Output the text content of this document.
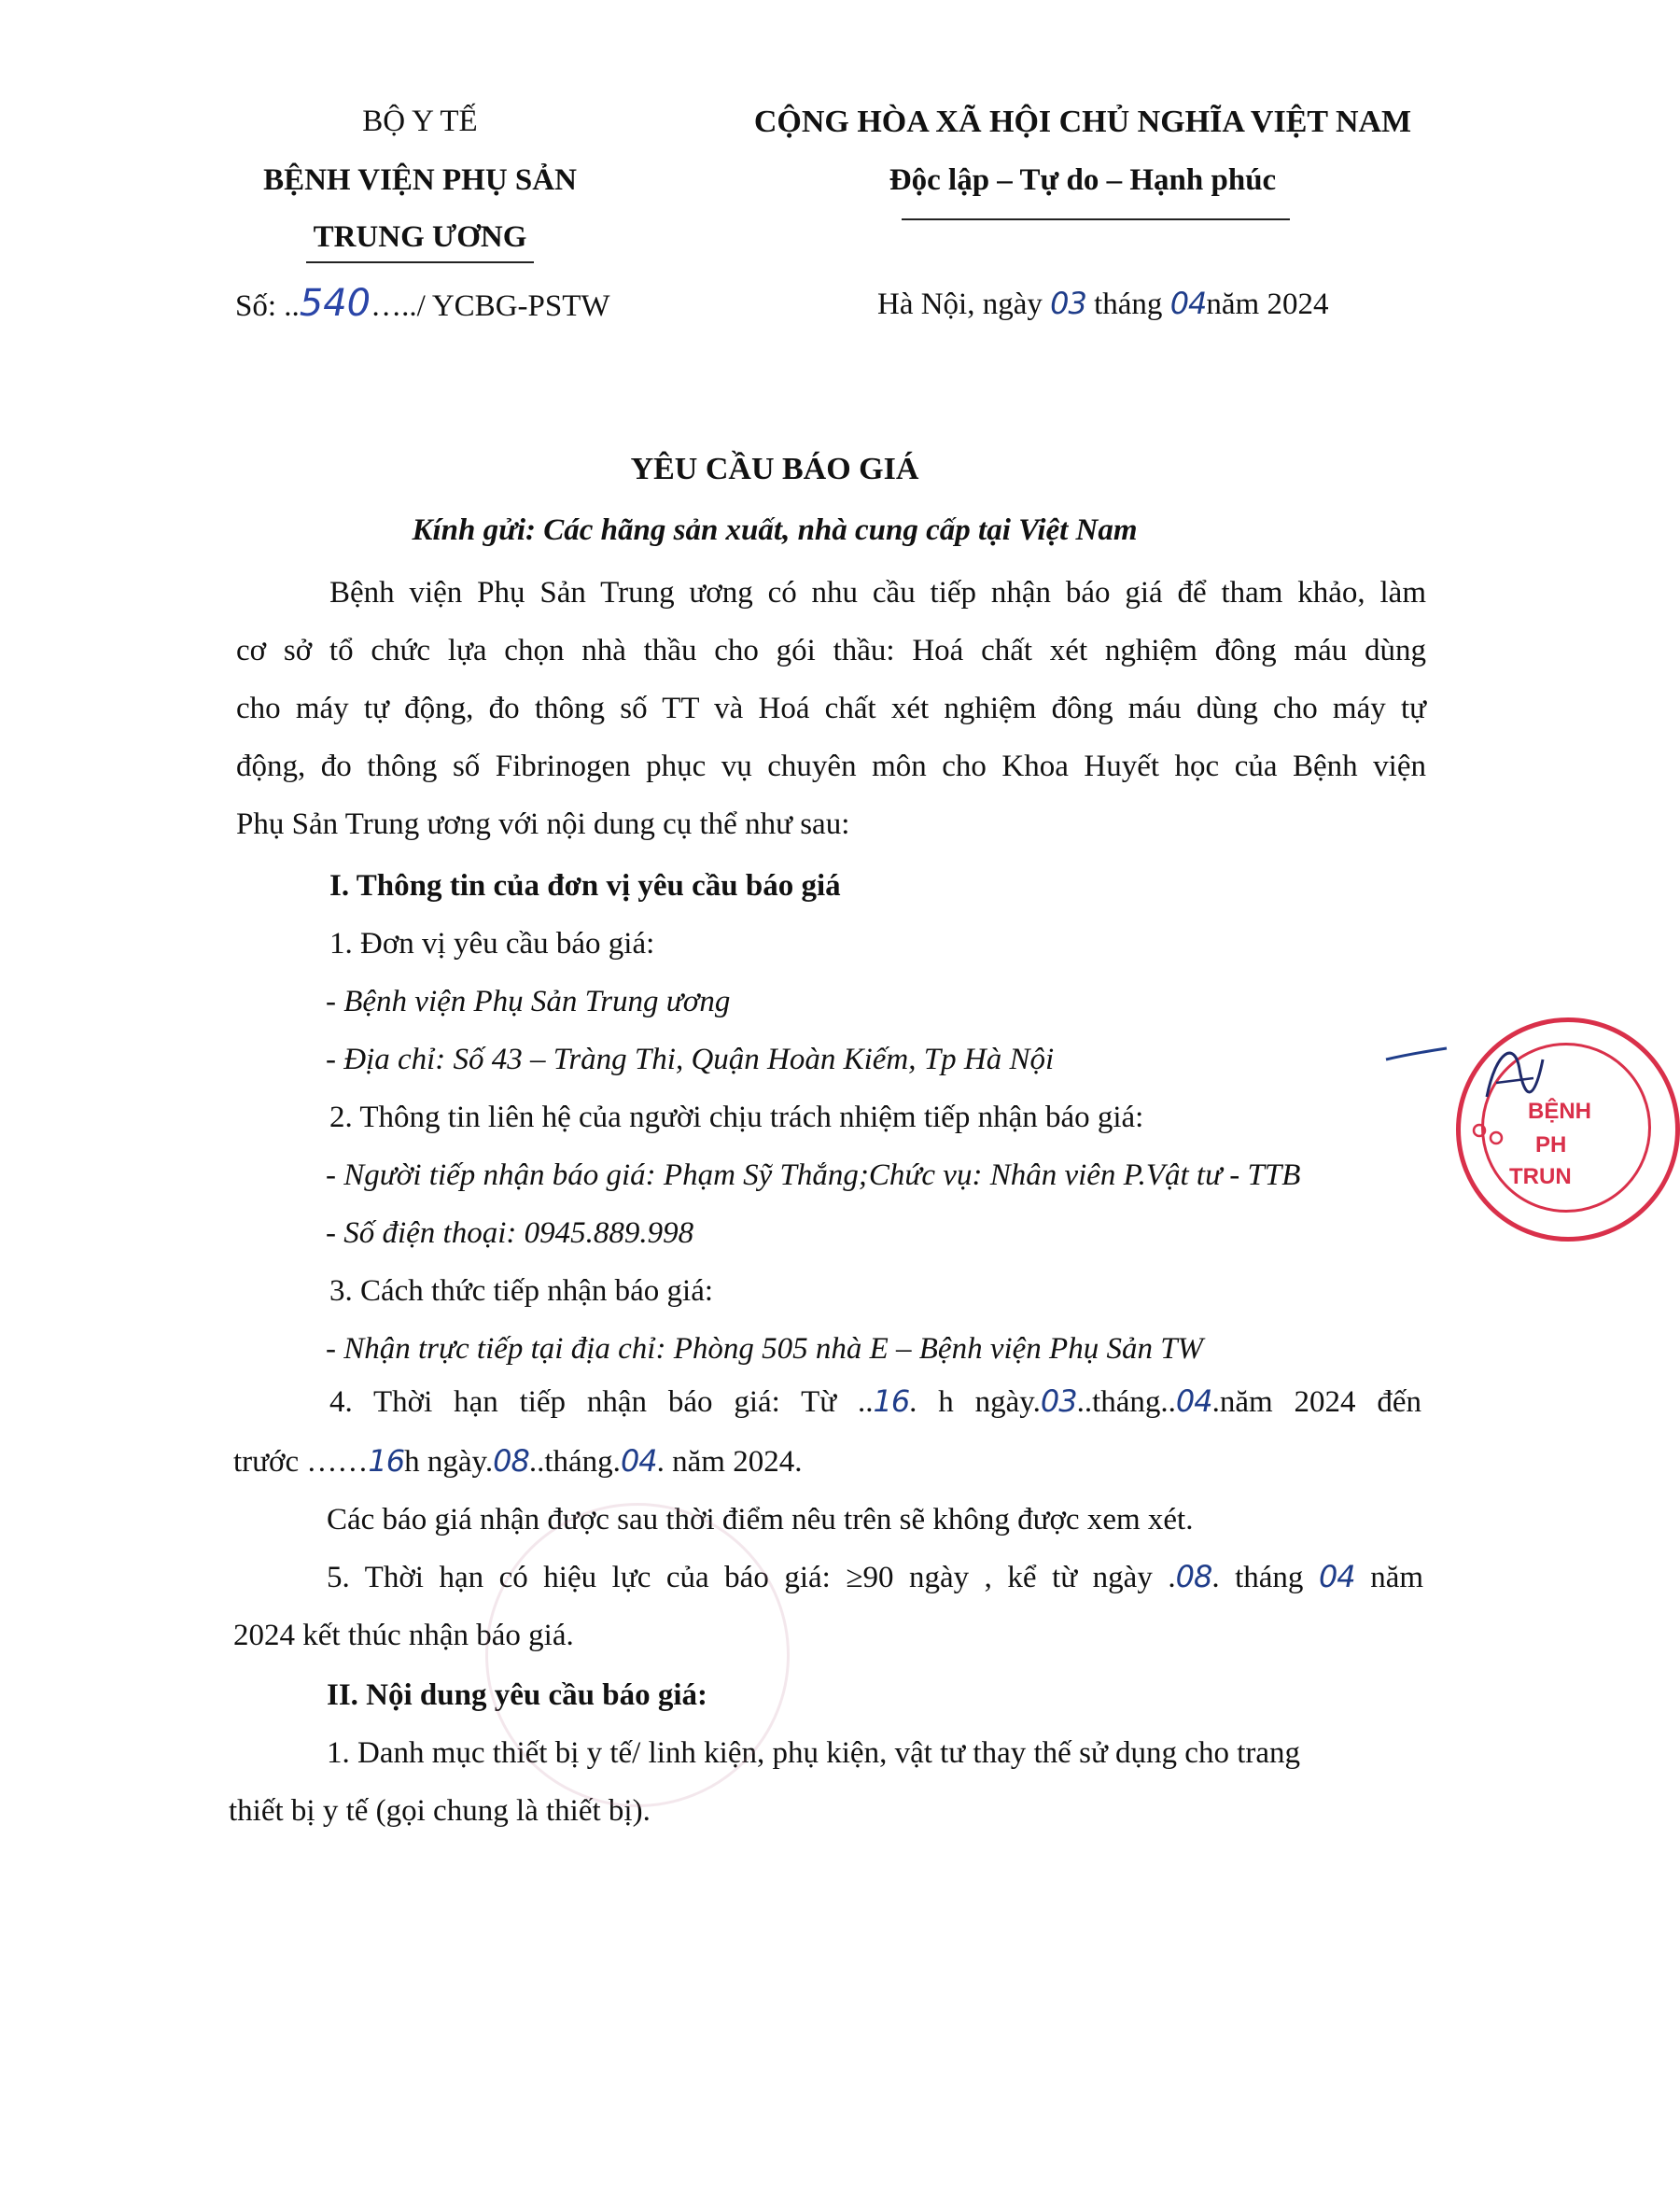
BỘ Y TẾ
BỆNH VIỆN PHỤ SẢN
TRUNG ƯƠNG
Số: ..540…../ YCBG-PSTW
CỘNG HÒA XÃ HỘI CHỦ NGHĨA VIỆT NAM
Độc lập – Tự do – Hạnh phúc
Hà Nội, ngày 03 tháng 04năm 2024
YÊU CẦU BÁO GIÁ
Kính gửi: Các hãng sản xuất, nhà cung cấp tại Việt Nam
Bệnh viện Phụ Sản Trung ương có nhu cầu tiếp nhận báo giá để tham khảo, làm
cơ sở tổ chức lựa chọn nhà thầu cho gói thầu: Hoá chất xét nghiệm đông máu dùng
cho máy tự động, đo thông số TT và Hoá chất xét nghiệm đông máu dùng cho máy tự
động, đo thông số Fibrinogen phục vụ chuyên môn cho Khoa Huyết học của Bệnh viện
Phụ Sản Trung ương với nội dung cụ thể như sau:
I. Thông tin của đơn vị yêu cầu báo giá
1. Đơn vị yêu cầu báo giá:
- Bệnh viện Phụ Sản Trung ương
- Địa chỉ: Số 43 – Tràng Thi, Quận Hoàn Kiếm, Tp Hà Nội
2. Thông tin liên hệ của người chịu trách nhiệm tiếp nhận báo giá:
- Người tiếp nhận báo giá: Phạm Sỹ Thắng;Chức vụ: Nhân viên P.Vật tư - TTB
- Số điện thoại: 0945.889.998
3. Cách thức tiếp nhận báo giá:
- Nhận trực tiếp tại địa chỉ: Phòng 505 nhà E – Bệnh viện Phụ Sản TW
4. Thời hạn tiếp nhận báo giá: Từ ..16. h ngày.03..tháng..04.năm 2024 đến
trước ……16h ngày.08..tháng.04. năm 2024.
Các báo giá nhận được sau thời điểm nêu trên sẽ không được xem xét.
5. Thời hạn có hiệu lực của báo giá: ≥90 ngày , kể từ ngày .08. tháng 04 năm
2024 kết thúc nhận báo giá.
II. Nội dung yêu cầu báo giá:
1. Danh mục thiết bị y tế/ linh kiện, phụ kiện, vật tư thay thế sử dụng cho trang
thiết bị y tế (gọi chung là thiết bị).
BỆNH
PH
TRUN
